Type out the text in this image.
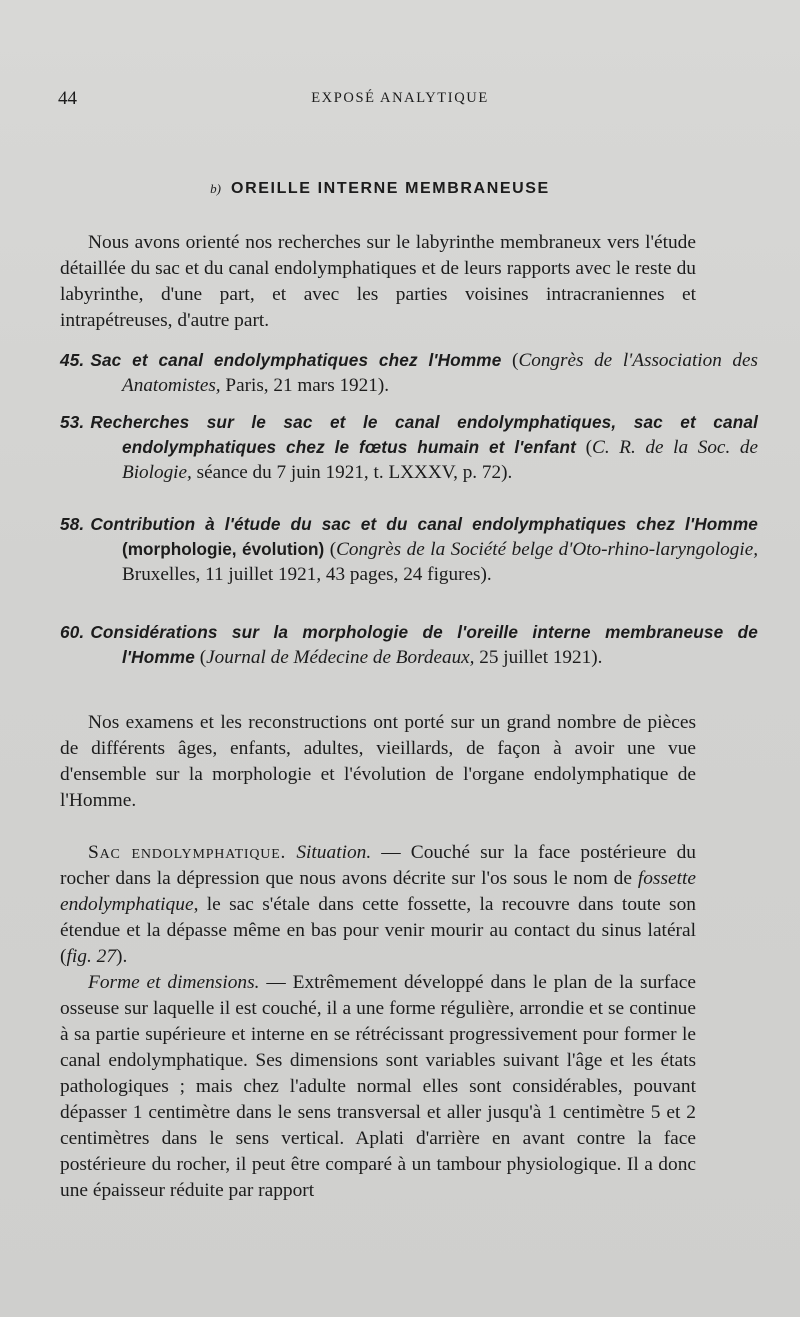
44	EXPOSÉ ANALYTIQUE
b) OREILLE INTERNE MEMBRANEUSE

Nous avons orienté nos recherches sur le labyrinthe membraneux vers l'étude détaillée du sac et du canal endolymphatiques et de leurs rapports avec le reste du labyrinthe, d'une part, et avec les parties voisines intracraniennes et intrapétreuses, d'autre part.

45. Sac et canal endolymphatiques chez l'Homme (Congrès de l'Association des Anatomistes, Paris, 21 mars 1921).

53. Recherches sur le sac et le canal endolymphatiques, sac et canal endolymphatiques chez le fœtus humain et l'enfant (C. R. de la Soc. de Biologie, séance du 7 juin 1921, t. LXXXV, p. 72).

58. Contribution à l'étude du sac et du canal endolymphatiques chez l'Homme (morphologie, évolution) (Congrès de la Société belge d'Oto-rhino-laryngologie, Bruxelles, 11 juillet 1921, 43 pages, 24 figures).

60. Considérations sur la morphologie de l'oreille interne membraneuse de l'Homme (Journal de Médecine de Bordeaux, 25 juillet 1921).

Nos examens et les reconstructions ont porté sur un grand nombre de pièces de différents âges, enfants, adultes, vieillards, de façon à avoir une vue d'ensemble sur la morphologie et l'évolution de l'organe endolymphatique de l'Homme.

Sac endolymphatique. Situation. — Couché sur la face postérieure du rocher dans la dépression que nous avons décrite sur l'os sous le nom de fossette endolymphatique, le sac s'étale dans cette fossette, la recouvre dans toute son étendue et la dépasse même en bas pour venir mourir au contact du sinus latéral (fig. 27).

Forme et dimensions. — Extrêmement développé dans le plan de la surface osseuse sur laquelle il est couché, il a une forme régulière, arrondie et se continue à sa partie supérieure et interne en se rétrécissant progressivement pour former le canal endolymphatique. Ses dimensions sont variables suivant l'âge et les états pathologiques ; mais chez l'adulte normal elles sont considérables, pouvant dépasser 1 centimètre dans le sens transversal et aller jusqu'à 1 centimètre 5 et 2 centimètres dans le sens vertical. Aplati d'arrière en avant contre la face postérieure du rocher, il peut être comparé à un tambour physiologique. Il a donc une épaisseur réduite par rapport
